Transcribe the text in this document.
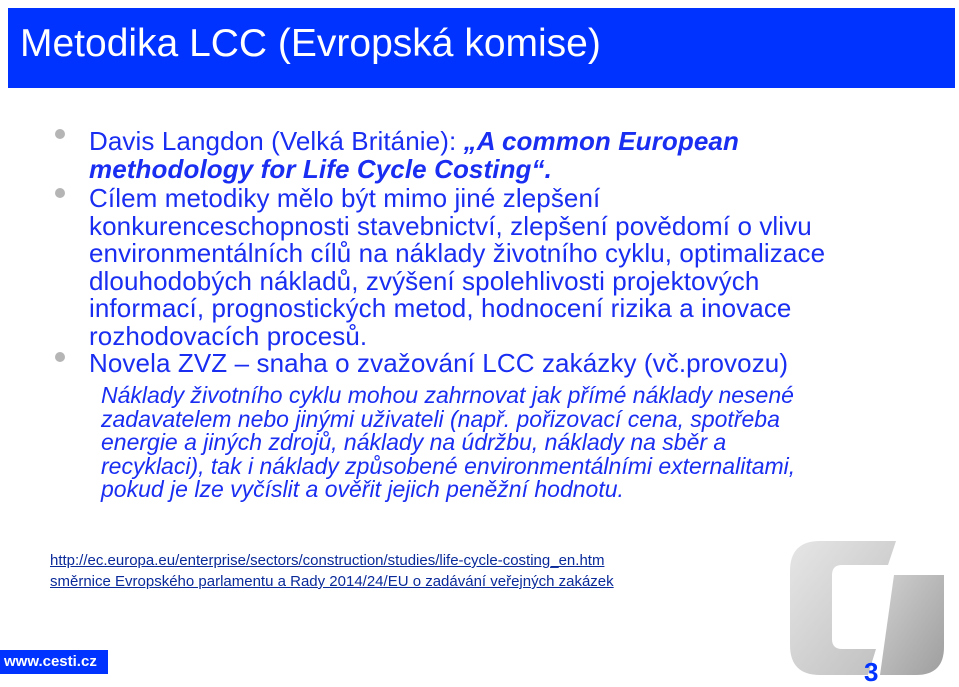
Metodika LCC (Evropská komise)
Davis Langdon (Velká Británie): „A common European
methodology for Life Cycle Costing“.
Cílem metodiky mělo být mimo jiné zlepšení
konkurenceschopnosti stavebnictví, zlepšení povědomí o vlivu
environmentálních cílů na náklady životního cyklu, optimalizace
dlouhodobých nákladů, zvýšení spolehlivosti projektových
informací, prognostických metod, hodnocení rizika a inovace
rozhodovacích procesů.
Novela ZVZ – snaha o zvažování LCC zakázky (vč.provozu)
Náklady životního cyklu mohou zahrnovat jak přímé náklady nesené
zadavatelem nebo jinými uživateli (např. pořizovací cena, spotřeba
energie a jiných zdrojů, náklady na údržbu, náklady na sběr a
recyklaci), tak i náklady způsobené environmentálními externalitami,
pokud je lze vyčíslit a ověřit jejich peněžní hodnotu.
http://ec.europa.eu/enterprise/sectors/construction/studies/life-cycle-costing_en.htm
směrnice Evropského parlamentu a Rady 2014/24/EU o zadávání veřejných zakázek
www.cesti.cz	3
